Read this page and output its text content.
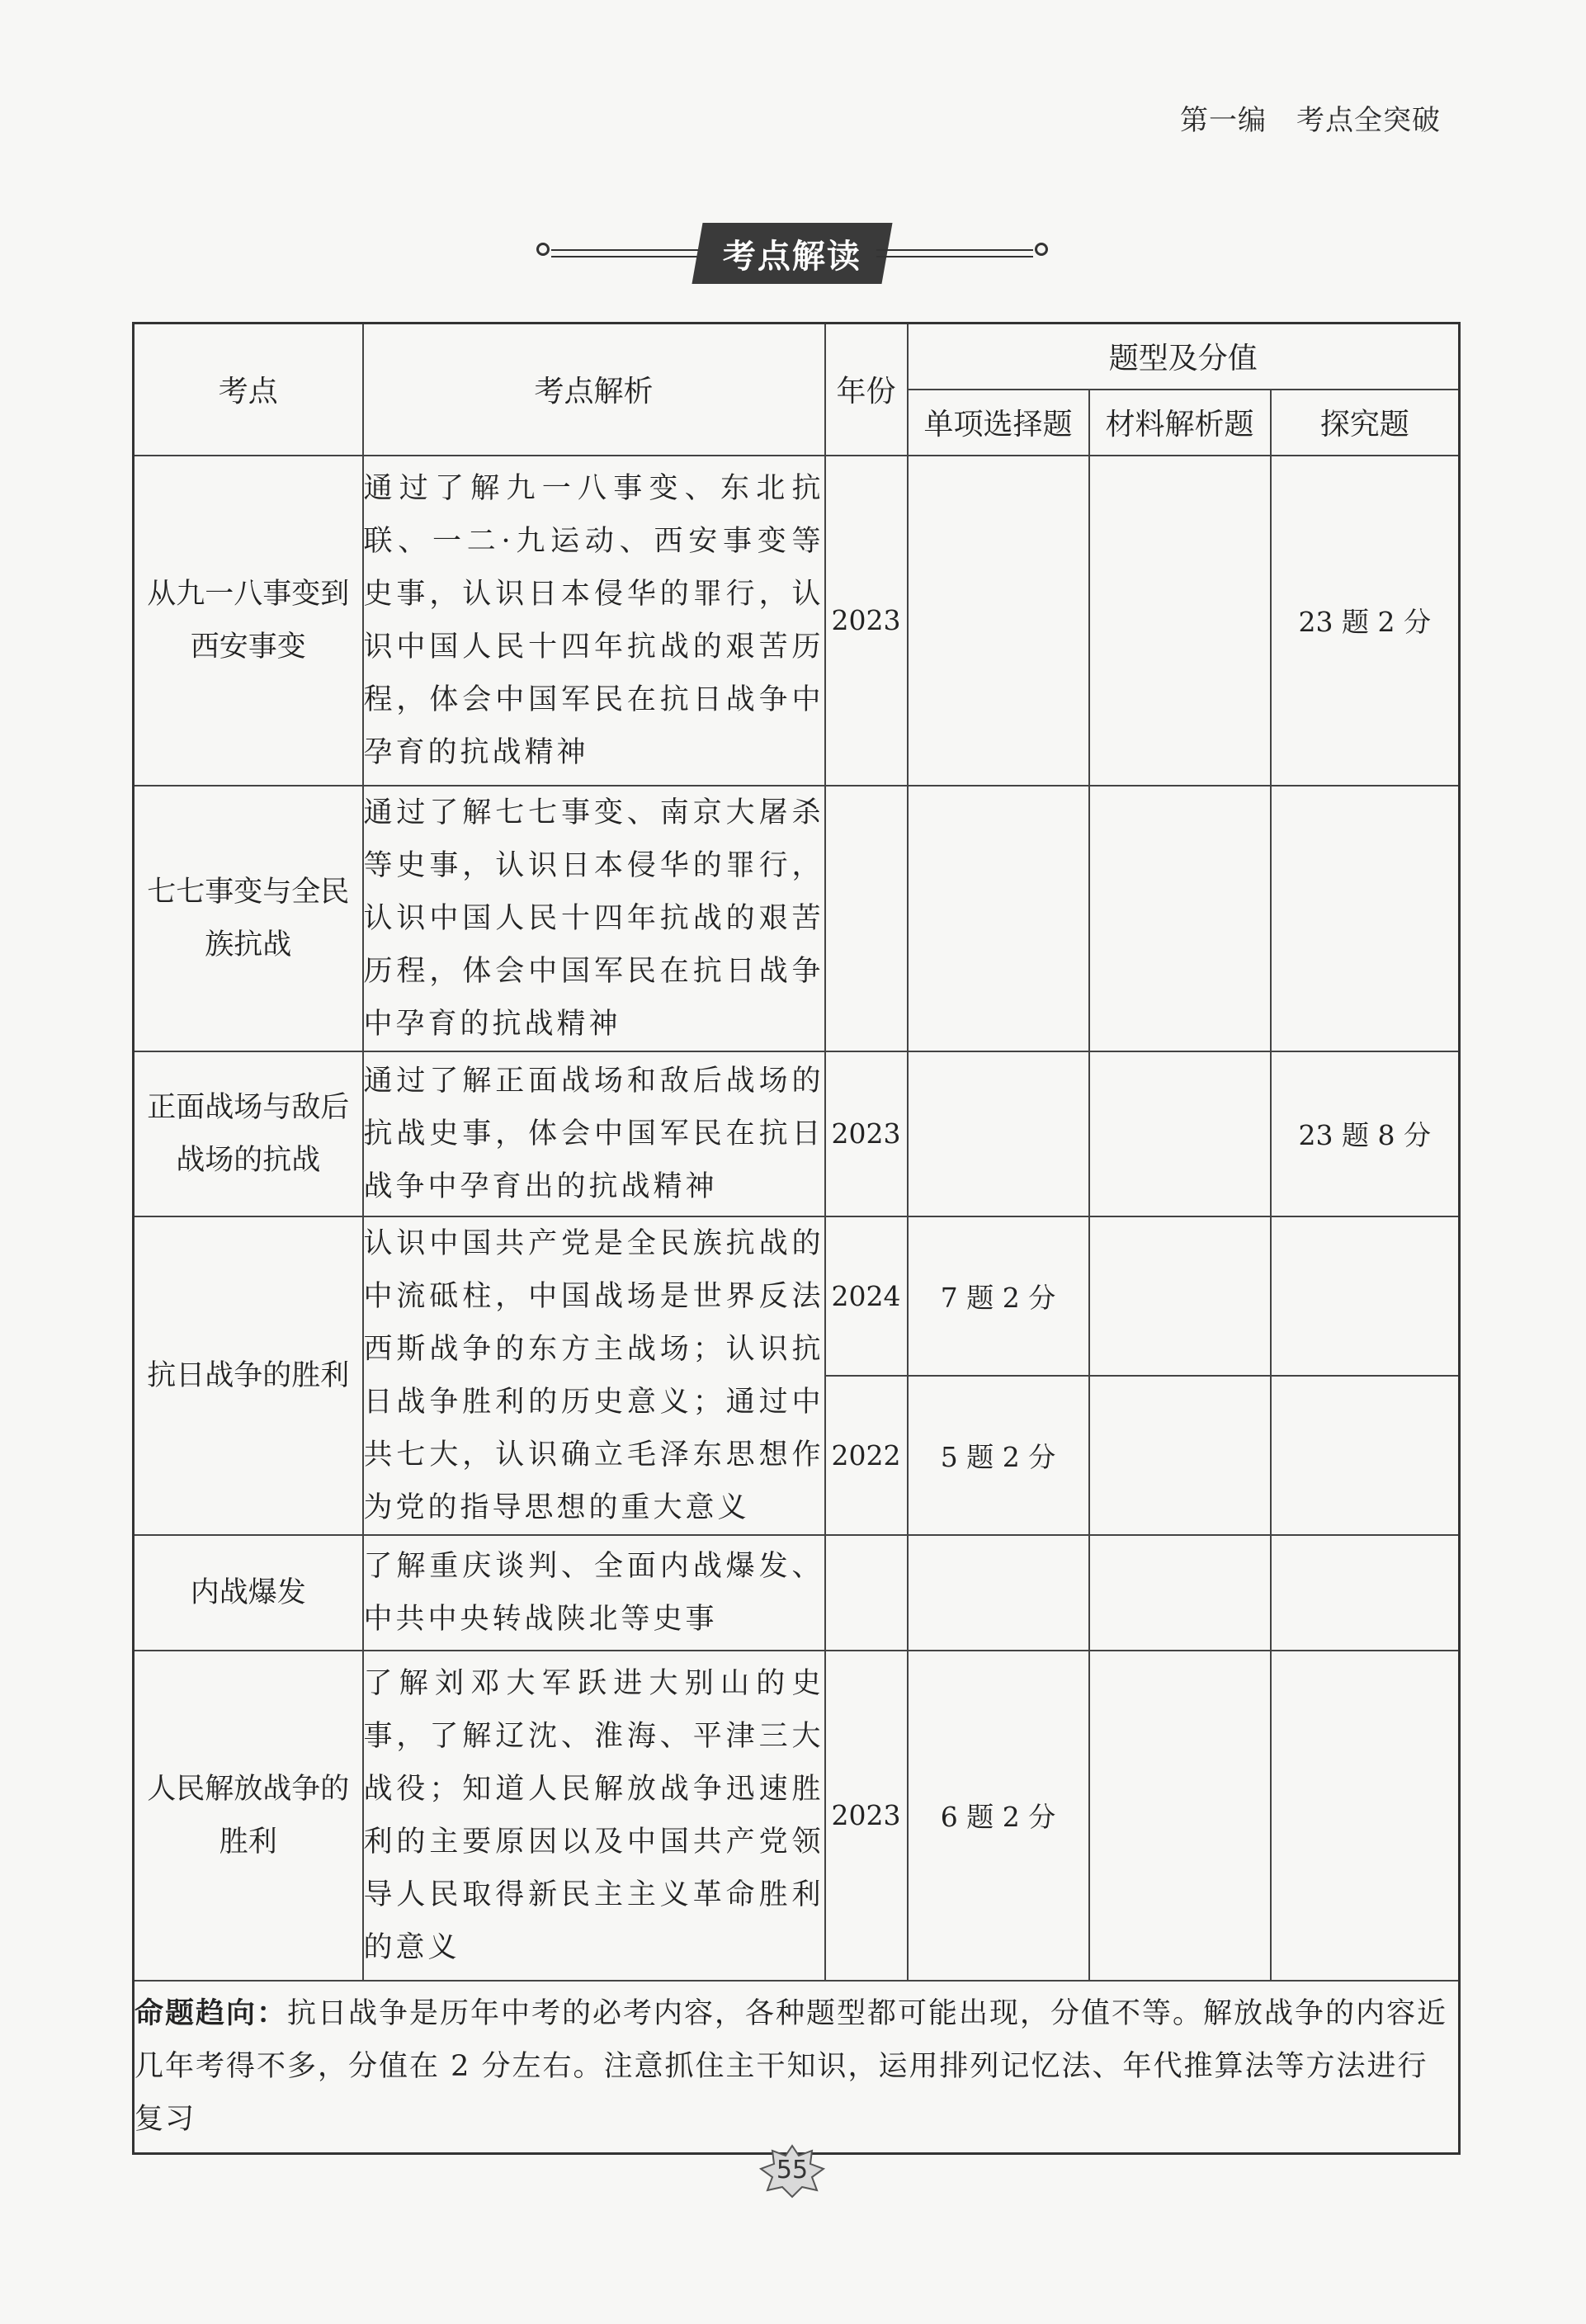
第一编 考点全突破
考点解读
考点	考点解析	年份	题型及分值		
			单项选择题	材料解析题	探究题
从九一八事变到西安事变	通过了解九一八事变、东北抗联、一二·九运动、西安事变等史事，认识日本侵华的罪行，认识中国人民十四年抗战的艰苦历程，体会中国军民在抗日战争中孕育的抗战精神	2023			23 题 2 分
七七事变与全民族抗战	通过了解七七事变、南京大屠杀等史事，认识日本侵华的罪行，认识中国人民十四年抗战的艰苦历程，体会中国军民在抗日战争中孕育的抗战精神				
正面战场与敌后战场的抗战	通过了解正面战场和敌后战场的抗战史事，体会中国军民在抗日战争中孕育出的抗战精神	2023			23 题 8 分
抗日战争的胜利	认识中国共产党是全民族抗战的中流砥柱，中国战场是世界反法西斯战争的东方主战场；认识抗日战争胜利的历史意义；通过中共七大，认识确立毛泽东思想作为党的指导思想的重大意义	2024	7 题 2 分		
		2022	5 题 2 分		
内战爆发	了解重庆谈判、全面内战爆发、中共中央转战陕北等史事				
人民解放战争的胜利	了解刘邓大军跃进大别山的史事，了解辽沈、淮海、平津三大战役；知道人民解放战争迅速胜利的主要原因以及中国共产党领导人民取得新民主主义革命胜利的意义	2023	6 题 2 分		
命题趋向：抗日战争是历年中考的必考内容，各种题型都可能出现，分值不等。解放战争的内容近几年考得不多，分值在 2 分左右。注意抓住主干知识，运用排列记忆法、年代推算法等方法进行复习					
55
